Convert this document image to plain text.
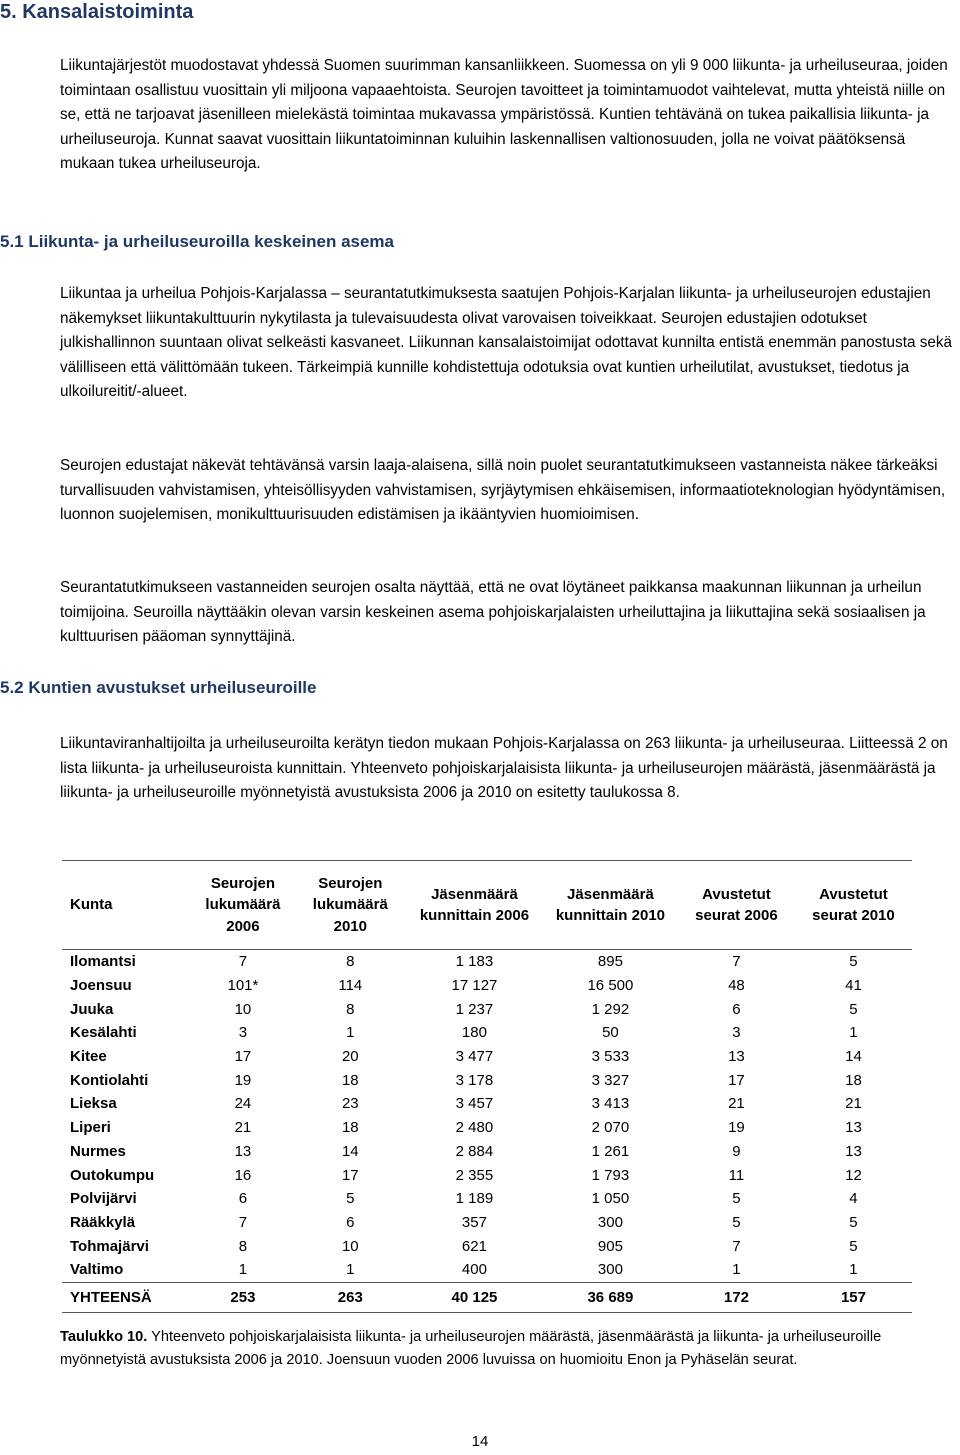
5. Kansalaistoiminta

Liikuntajärjestöt muodostavat yhdessä Suomen suurimman kansanliikkeen. Suomessa on yli 9 000 liikunta- ja urheiluseuraa, joiden toimintaan osallistuu vuosittain yli miljoona vapaaehtoista. Seurojen tavoitteet ja toimintamuodot vaihtelevat, mutta yhteistä niille on se, että ne tarjoavat jäsenilleen mielekästä toimintaa mukavassa ympäristössä. Kuntien tehtävänä on tukea paikallisia liikunta- ja urheiluseuroja. Kunnat saavat vuosittain liikuntatoiminnan kuluihin laskennallisen valtionosuuden, jolla ne voivat päätöksensä mukaan tukea urheiluseuroja.

5.1 Liikunta- ja urheiluseuroilla keskeinen asema

Liikuntaa ja urheilua Pohjois-Karjalassa – seurantatutkimuksesta saatujen Pohjois-Karjalan liikunta- ja urheiluseurojen edustajien näkemykset liikuntakulttuurin nykytilasta ja tulevaisuudesta olivat varovaisen toiveikkaat. Seurojen edustajien odotukset julkishallinnon suuntaan olivat selkeästi kasvaneet. Liikunnan kansalaistoimijat odottavat kunnilta entistä enemmän panostusta sekä välilliseen että välittömään tukeen. Tärkeimpiä kunnille kohdistettuja odotuksia ovat kuntien urheilutilat, avustukset, tiedotus ja ulkoilureitit/-alueet.

Seurojen edustajat näkevät tehtävänsä varsin laaja-alaisena, sillä noin puolet seurantatutkimukseen vastanneista näkee tärkeäksi turvallisuuden vahvistamisen, yhteisöllisyyden vahvistamisen, syrjäytymisen ehkäisemisen, informaatioteknologian hyödyntämisen, luonnon suojelemisen, monikulttuurisuuden edistämisen ja ikääntyvien huomioimisen.

Seurantatutkimukseen vastanneiden seurojen osalta näyttää, että ne ovat löytäneet paikkansa maakunnan liikunnan ja urheilun toimijoina. Seuroilla näyttääkin olevan varsin keskeinen asema pohjoiskarjalaisten urheiluttajina ja liikuttajina sekä sosiaalisen ja kulttuurisen pääoman synnyttäjinä.

5.2 Kuntien avustukset urheiluseuroille

Liikuntaviranhaltijoilta ja urheiluseuroilta kerätyn tiedon mukaan Pohjois-Karjalassa on 263 liikunta- ja urheiluseuraa. Liitteessä 2 on lista liikunta- ja urheiluseuroista kunnittain. Yhteenveto pohjoiskarjalaisista liikunta- ja urheiluseurojen määrästä, jäsenmäärästä ja liikunta- ja urheiluseuroille myönnetyistä avustuksista 2006 ja 2010 on esitetty taulukossa 8.

Kunta	Seurojen lukumäärä 2006	Seurojen lukumäärä 2010	Jäsenmäärä kunnittain 2006	Jäsenmäärä kunnittain 2010	Avustetut seurat 2006	Avustetut seurat 2010
Ilomantsi	7	8	1 183	895	7	5
Joensuu	101*	114	17 127	16 500	48	41
Juuka	10	8	1 237	1 292	6	5
Kesälahti	3	1	180	50	3	1
Kitee	17	20	3 477	3 533	13	14
Kontiolahti	19	18	3 178	3 327	17	18
Lieksa	24	23	3 457	3 413	21	21
Liperi	21	18	2 480	2 070	19	13
Nurmes	13	14	2 884	1 261	9	13
Outokumpu	16	17	2 355	1 793	11	12
Polvijärvi	6	5	1 189	1 050	5	4
Rääkkylä	7	6	357	300	5	5
Tohmajärvi	8	10	621	905	7	5
Valtimo	1	1	400	300	1	1
YHTEENSÄ	253	263	40 125	36 689	172	157

Taulukko 10. Yhteenveto pohjoiskarjalaisista liikunta- ja urheiluseurojen määrästä, jäsenmäärästä ja liikunta- ja urheiluseuroille myönnetyistä avustuksista 2006 ja 2010. Joensuun vuoden 2006 luvuissa on huomioitu Enon ja Pyhäselän seurat.

14
